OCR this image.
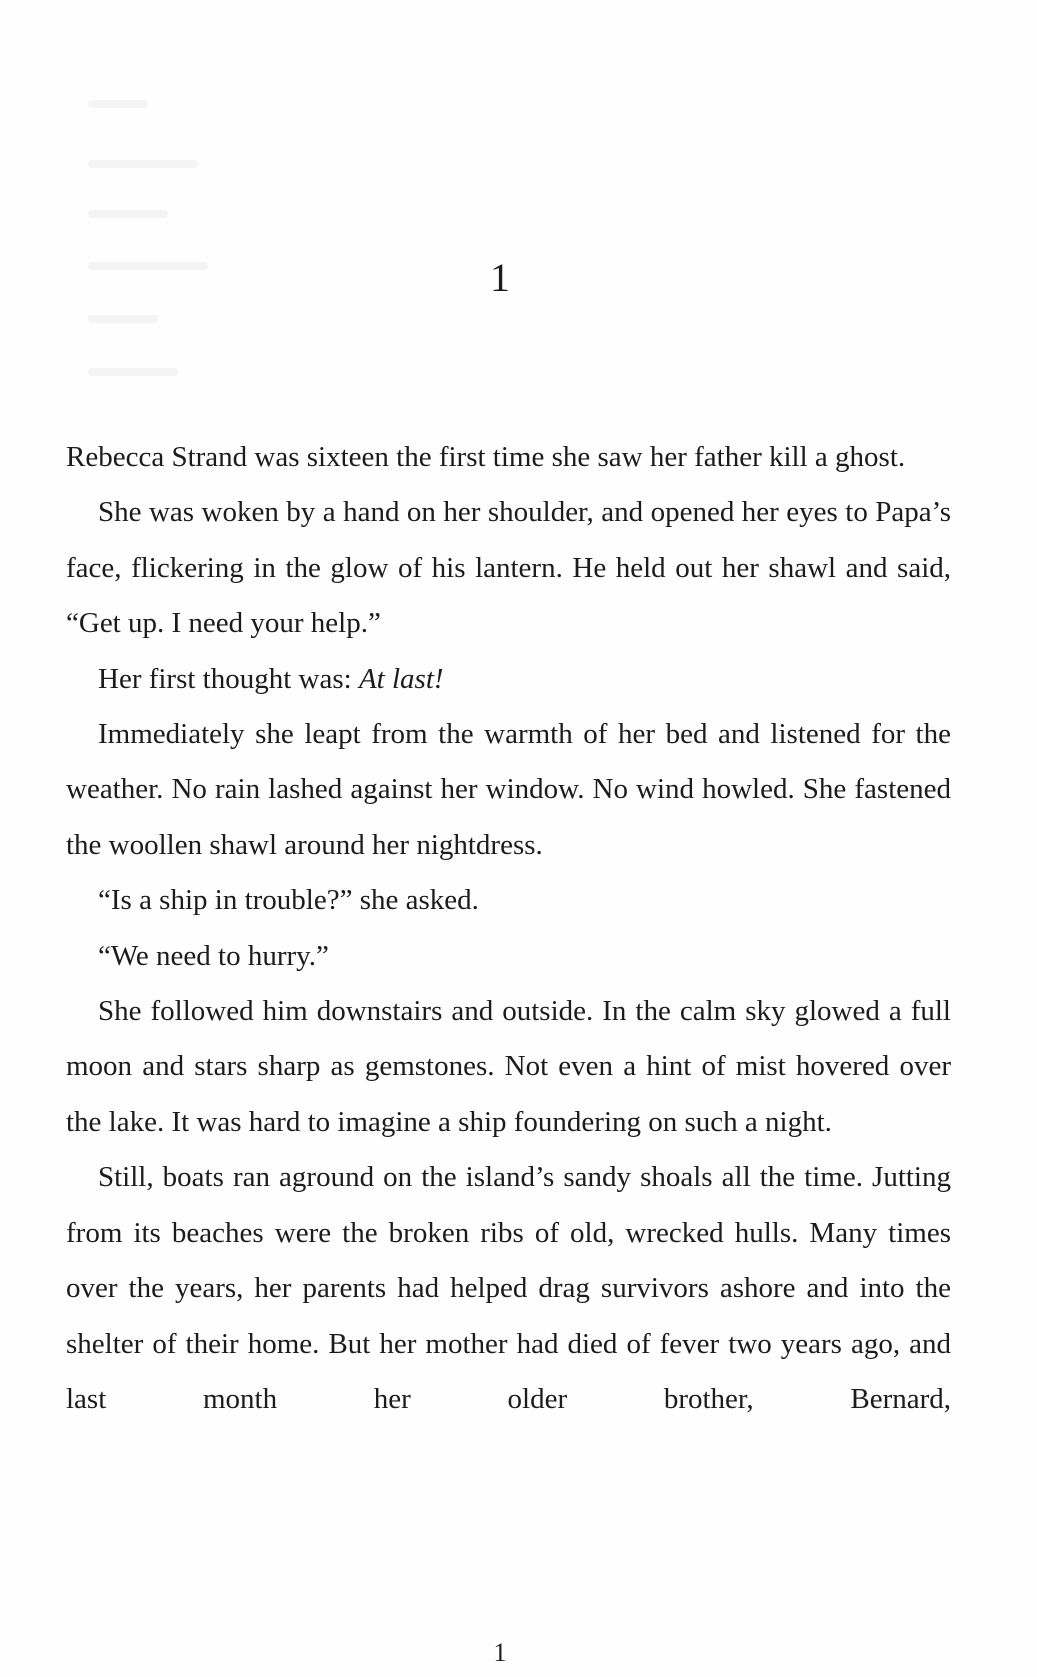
1

Rebecca Strand was sixteen the first time she saw her father kill a ghost.

She was woken by a hand on her shoulder, and opened her eyes to Papa’s face, flickering in the glow of his lantern. He held out her shawl and said, “Get up. I need your help.”

Her first thought was: At last!

Immediately she leapt from the warmth of her bed and listened for the weather. No rain lashed against her window. No wind howled. She fastened the woollen shawl around her nightdress.

“Is a ship in trouble?” she asked.

“We need to hurry.”

She followed him downstairs and outside. In the calm sky glowed a full moon and stars sharp as gemstones. Not even a hint of mist hovered over the lake. It was hard to imagine a ship foundering on such a night.

Still, boats ran aground on the island’s sandy shoals all the time. Jutting from its beaches were the broken ribs of old, wrecked hulls. Many times over the years, her parents had helped drag survivors ashore and into the shelter of their home. But her mother had died of fever two years ago, and last month her older brother, Bernard,

1
